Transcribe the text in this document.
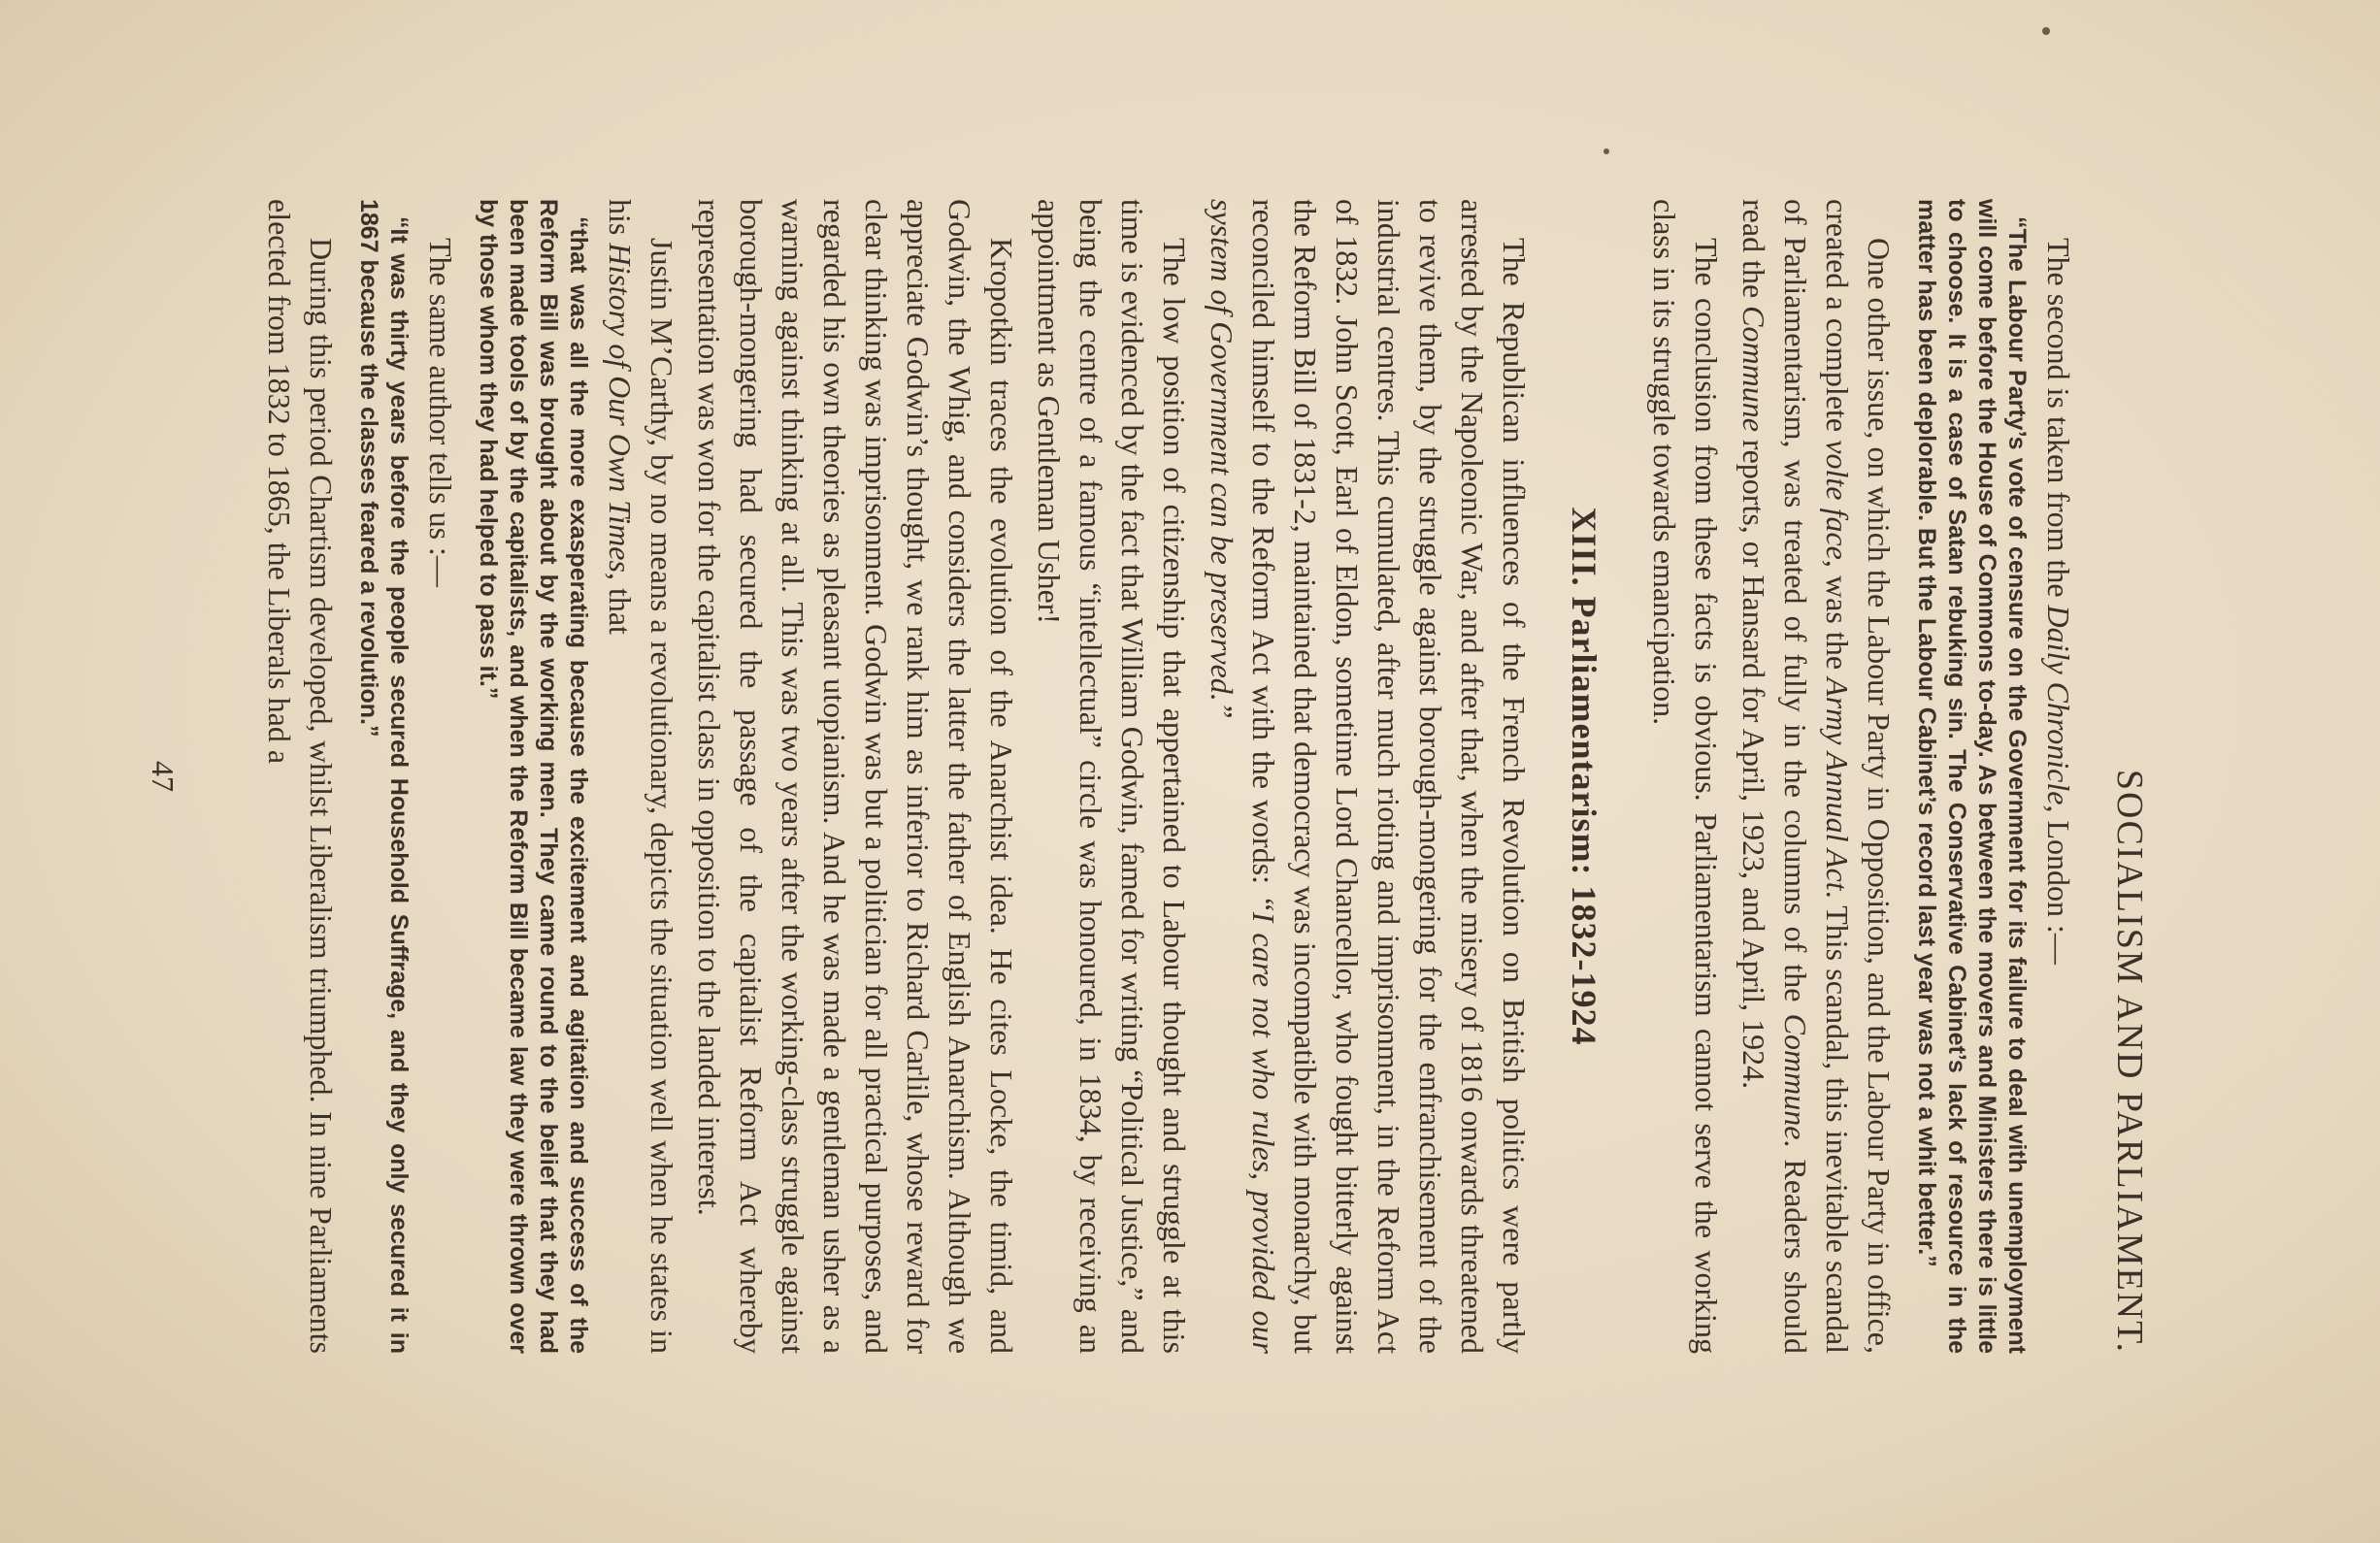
SOCIALISM AND PARLIAMENT.

The second is taken from the Daily Chronicle, London :—

“The Labour Party’s vote of censure on the Government for its failure to deal with unemployment will come before the House of Commons to-day. As between the movers and Ministers there is little to choose. It is a case of Satan rebuking sin. The Conservative Cabinet’s lack of resource in the matter has been deplorable. But the Labour Cabinet’s record last year was not a whit better.”

One other issue, on which the Labour Party in Opposition, and the Labour Party in office, created a complete volte face, was the Army Annual Act. This scandal, this inevitable scandal of Parliamentarism, was treated of fully in the columns of the Commune. Readers should read the Commune reports, or Hansard for April, 1923, and April, 1924.

The conclusion from these facts is obvious. Parliamentarism cannot serve the working class in its struggle towards emancipation.

XIII. Parliamentarism: 1832-1924

The Republican influences of the French Revolution on British politics were partly arrested by the Napoleonic War, and after that, when the misery of 1816 onwards threatened to revive them, by the struggle against borough-mongering for the enfranchisement of the industrial centres. This cumulated, after much rioting and imprisonment, in the Reform Act of 1832. John Scott, Earl of Eldon, sometime Lord Chancellor, who fought bitterly against the Reform Bill of 1831-2, maintained that democracy was incompatible with monarchy, but reconciled himself to the Reform Act with the words: “I care not who rules, provided our system of Government can be preserved.”

The low position of citizenship that appertained to Labour thought and struggle at this time is evidenced by the fact that William Godwin, famed for writing “Political Justice,” and being the centre of a famous “intellectual” circle was honoured, in 1834, by receiving an appointment as Gentleman Usher!

Kropotkin traces the evolution of the Anarchist idea. He cites Locke, the timid, and Godwin, the Whig, and considers the latter the father of English Anarchism. Although we appreciate Godwin’s thought, we rank him as inferior to Richard Carlile, whose reward for clear thinking was imprisonment. Godwin was but a politician for all practical purposes, and regarded his own theories as pleasant utopianism. And he was made a gentleman usher as a warning against thinking at all. This was two years after the working-class struggle against borough-mongering had secured the passage of the capitalist Reform Act whereby representation was won for the capitalist class in opposition to the landed interest.

Justin M’Carthy, by no means a revolutionary, depicts the situation well when he states in his History of Our Own Times, that

“that was all the more exasperating because the excitement and agitation and success of the Reform Bill was brought about by the working men. They came round to the belief that they had been made tools of by the capitalists, and when the Reform Bill became law they were thrown over by those whom they had helped to pass it.”

The same author tells us :—

“It was thirty years before the people secured Household Suffrage, and they only secured it in 1867 because the classes feared a revolution.”

During this period Chartism developed, whilst Liberalism triumphed. In nine Parliaments elected from 1832 to 1865, the Liberals had a

47
